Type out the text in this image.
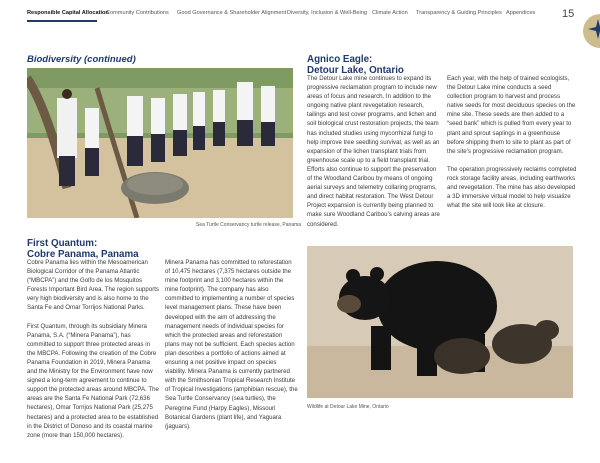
Responsible Capital Allocation
Community Contributions Good Governance & Shareholder Alignment Diversity, Inclusion & Well-Being Climate Action Transparency & Guiding Principles Appendices 15
Biodiversity (continued)
Sea Turtle Conservancy turtle release, Panama
First Quantum:
Cobre Panama, Panama

Cobre Panama lies within the Mesoamerican Biological Corridor of the Panama Atlantic (“MBCPA”) and the Golfo de los Mosquitos Forests Important Bird Area. The region supports very high biodiversity and is also home to the Santa Fe and Omar Torrijos National Parks.

First Quantum, through its subsidiary Minera Panama, S.A. (“Minera Panama”), has committed to support three protected areas in the MBCPA. Following the creation of the Cobre Panama Foundation in 2019, Minera Panama and the Ministry for the Environment have now signed a long-term agreement to continue to support the protected areas around MBCPA. The areas are the Santa Fe National Park (72,636 hectares), Omar Torrijos National Park (25,275 hectares) and a protected area to be established in the District of Donoso and its coastal marine zone (more than 150,000 hectares).

Minera Panama has committed to reforestation of 10,475 hectares (7,375 hectares outside the mine footprint and 3,100 hectares within the mine footprint). The company has also committed to implementing a number of species level management plans. These have been developed with the aim of addressing the management needs of individual species for which the protected areas and reforestation plans may not be sufficient. Each species action plan describes a portfolio of actions aimed at ensuring a net positive impact on species viability. Minera Panama is currently partnered with the Smithsonian Tropical Research Institute of Tropical Investigations (amphibian rescue), the Sea Turtle Conservancy (sea turtles), the Peregrine Fund (Harpy Eagles), Missouri Botanical Gardens (plant life), and Yaguara (jaguars).

Agnico Eagle:
Detour Lake, Ontario

The Detour Lake mine continues to expand its progressive reclamation program to include new areas of focus and research. In addition to the ongoing native plant revegetation research, tailings and test cover programs, and lichen and soil biological crust restoration projects, the team has included studies using mycorrhizal fungi to help improve tree seedling survival, as well as an expansion of the lichen transplant trials from greenhouse scale up to a field transplant trial. Efforts also continue to support the preservation of the Woodland Caribou by means of ongoing aerial surveys and telemetry collaring programs, and direct habitat restoration. The West Detour Project expansion is currently being planned to make sure Woodland Caribou’s calving areas are considered.

Each year, with the help of trained ecologists, the Detour Lake mine conducts a seed collection program to harvest and process native seeds for most deciduous species on the mine site. These seeds are then added to a “seed bank” which is pulled from every year to plant and sprout saplings in a greenhouse before shipping them to site to plant as part of the site’s progressive reclamation program.

The operation progressively reclaims completed rock storage facility areas, including earthworks and revegetation. The mine has also developed a 3D immersive virtual model to help visualize what the site will look like at closure.

Wildlife at Detour Lake Mine, Ontario
